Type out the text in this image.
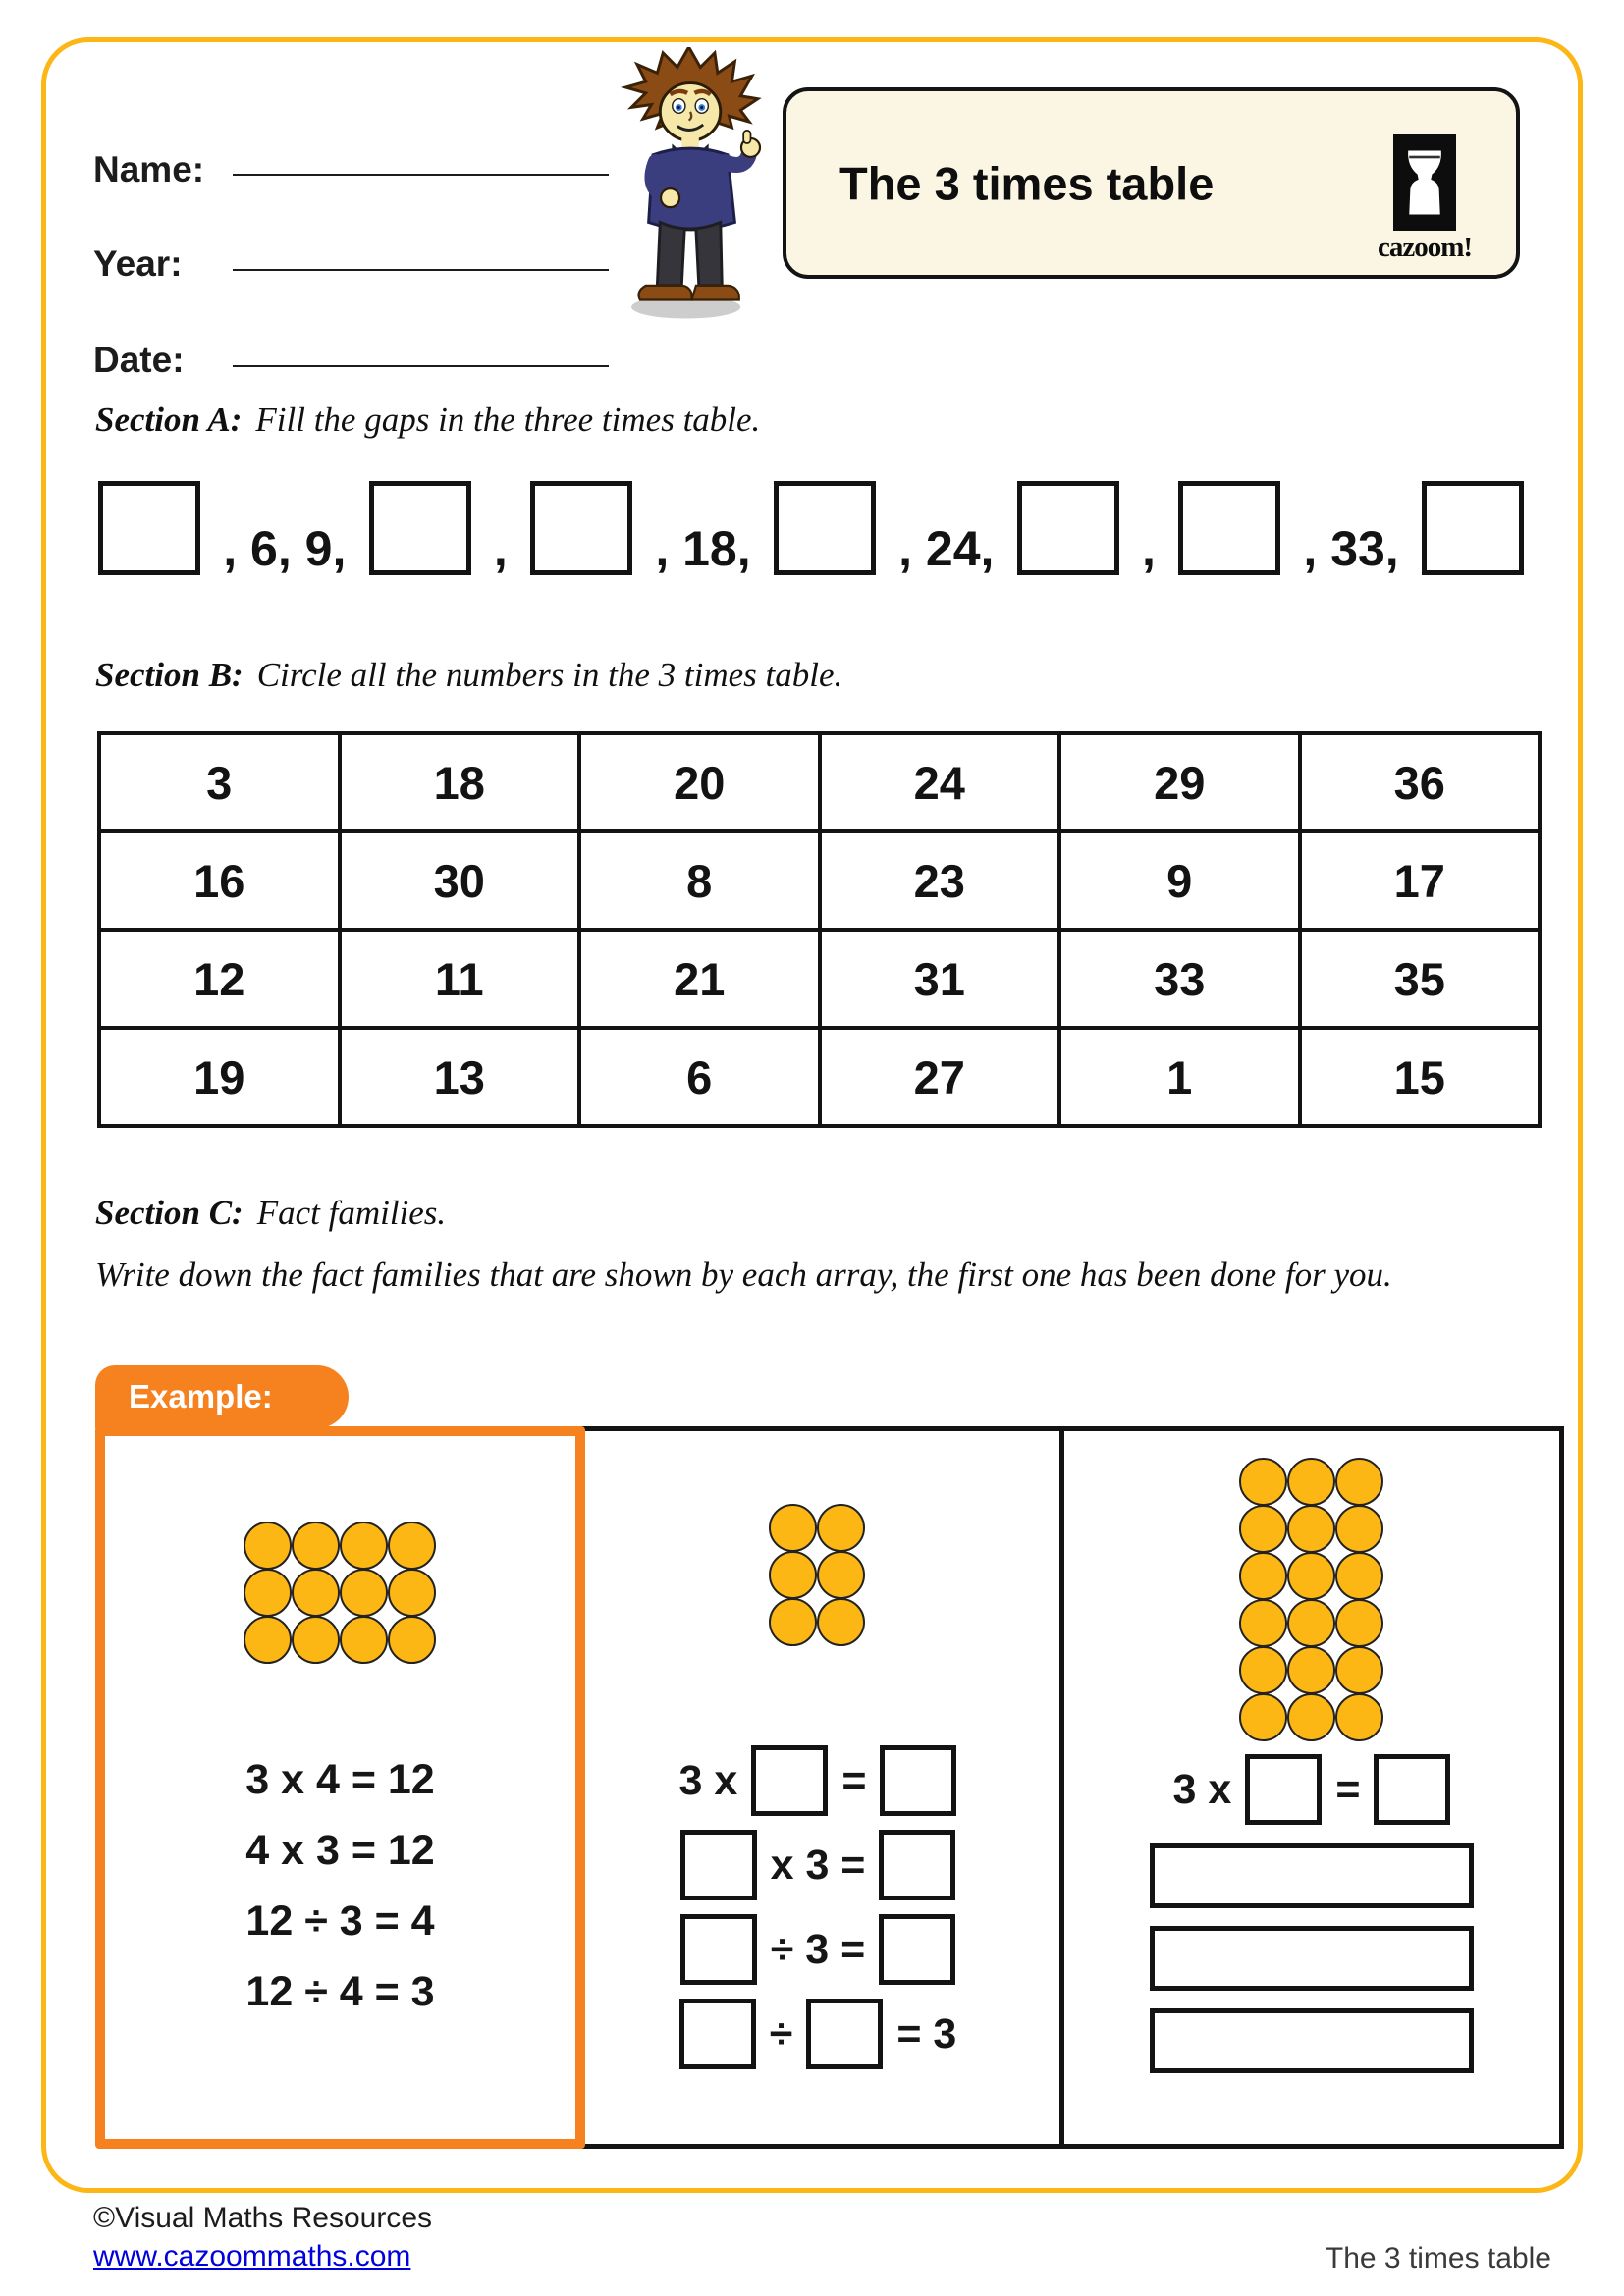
Name:
Year:
Date:
The 3 times table
cazoom!
Section A: Fill the gaps in the three times table.
, 6, 9,	,	, 18,	, 24,	,	, 33,
Section B: Circle all the numbers in the 3 times table.
3	18	20	24	29	36
16	30	8	23	9	17
12	11	21	31	33	35
19	13	6	27	1	15
Section C: Fact families.
Write down the fact families that are shown by each array, the first one has been done for you.
Example:
3 x 4 = 12
4 x 3 = 12
12 ÷ 3 = 4
12 ÷ 4 = 3
3 x =
x 3 =
÷ 3 =
÷ = 3
3 x =
©Visual Maths Resources
www.cazoommaths.com	The 3 times table
